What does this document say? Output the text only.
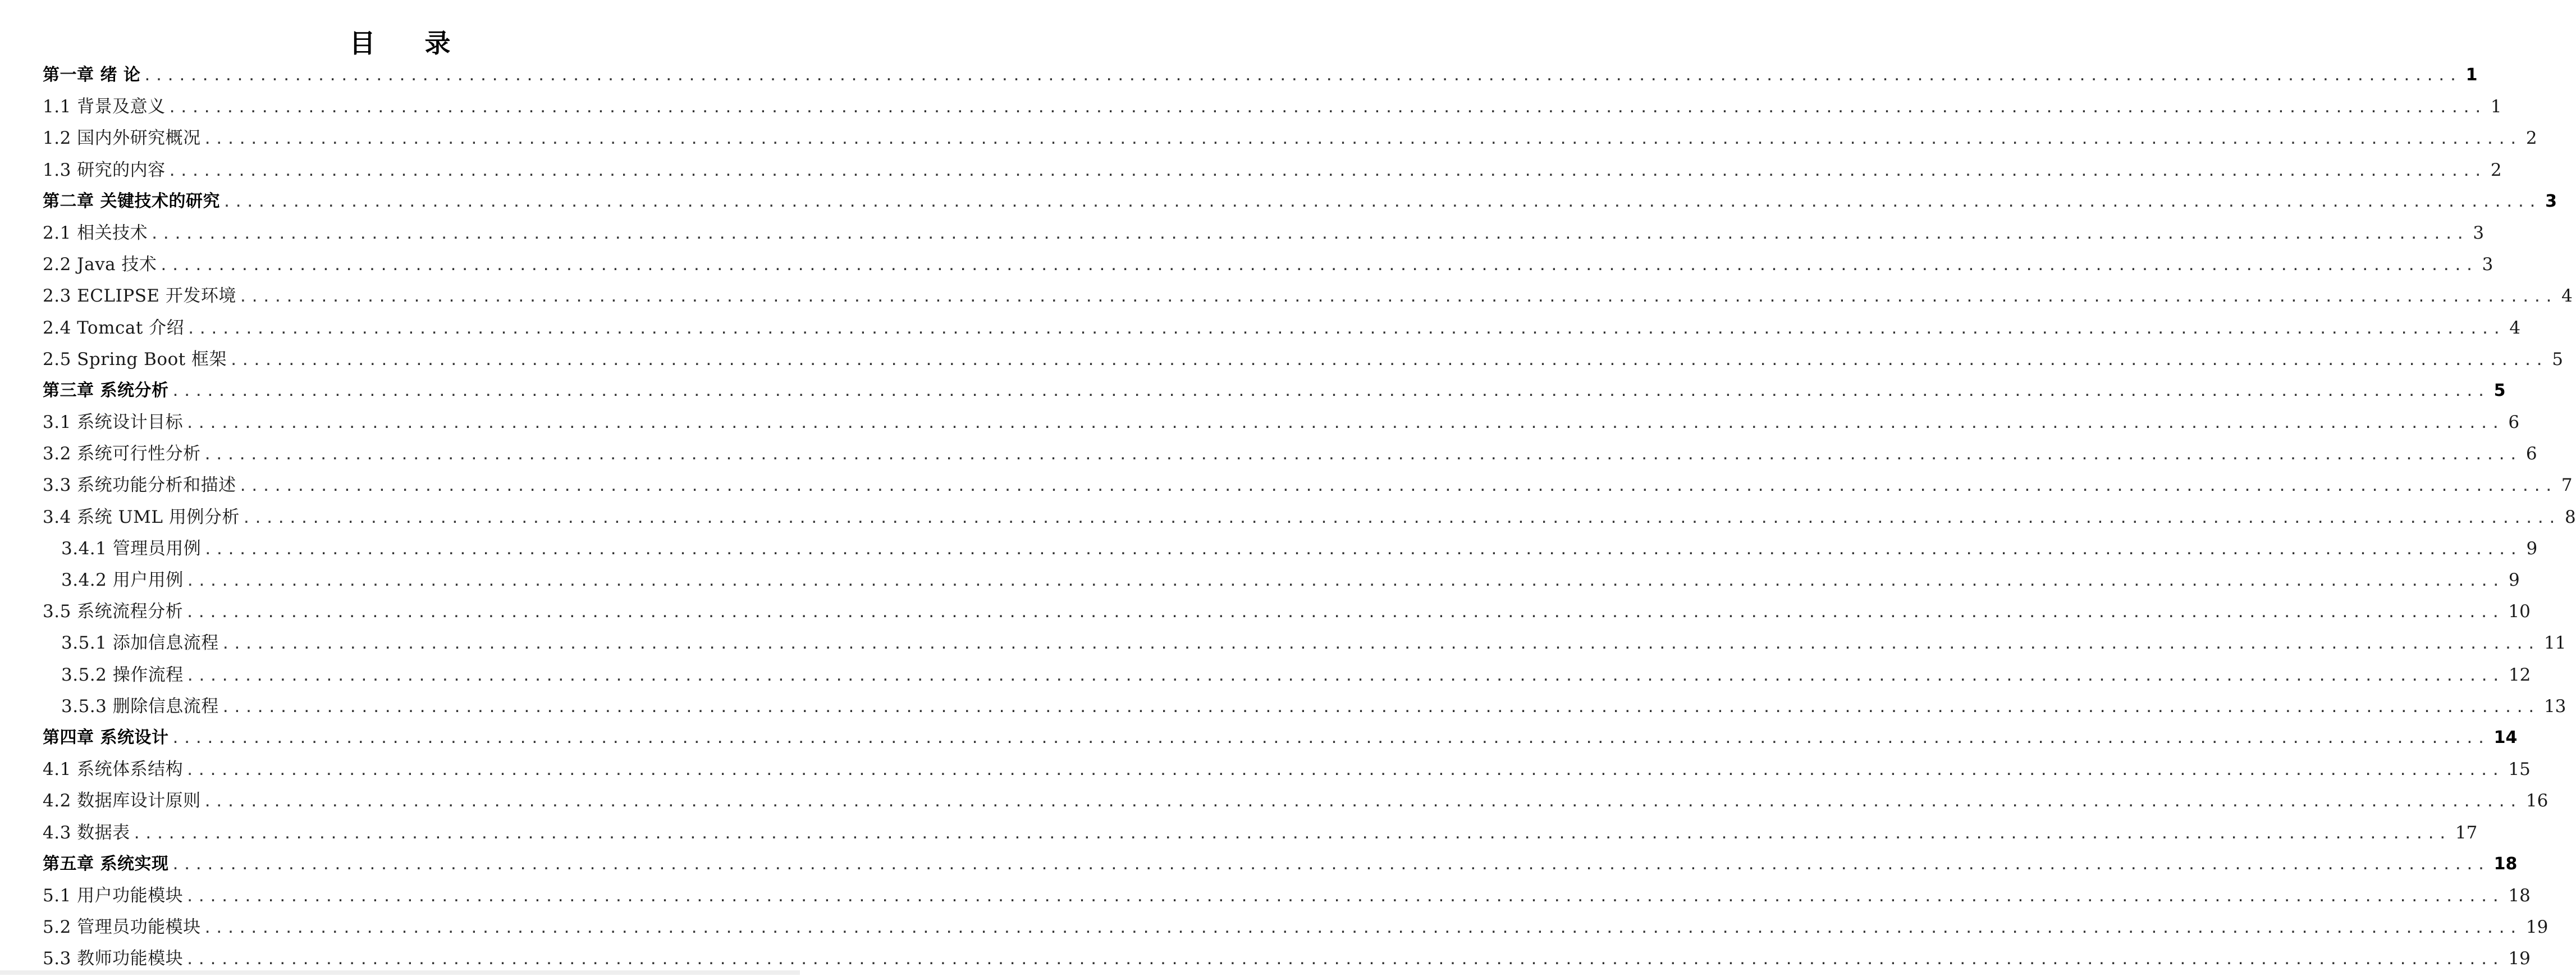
目 录
第一章 绪 论 ........................................................................................................................................................................................................ 1
1.1 背景及意义 ........................................................................................................................................................................................................ 1
1.2 国内外研究概况 ........................................................................................................................................................................................................ 2
1.3 研究的内容 ........................................................................................................................................................................................................ 2
第二章 关键技术的研究 ........................................................................................................................................................................................................ 3
2.1 相关技术 ........................................................................................................................................................................................................ 3
2.2 Java 技术 ........................................................................................................................................................................................................ 3
2.3 ECLIPSE 开发环境 ........................................................................................................................................................................................................ 4
2.4 Tomcat 介绍 ........................................................................................................................................................................................................ 4
2.5 Spring Boot 框架 ........................................................................................................................................................................................................ 5
第三章 系统分析 ........................................................................................................................................................................................................ 5
3.1 系统设计目标 ........................................................................................................................................................................................................ 6
3.2 系统可行性分析 ........................................................................................................................................................................................................ 6
3.3 系统功能分析和描述 ........................................................................................................................................................................................................ 7
3.4 系统 UML 用例分析 ........................................................................................................................................................................................................ 8
3.4.1 管理员用例 ........................................................................................................................................................................................................ 9
3.4.2 用户用例 ........................................................................................................................................................................................................ 9
3.5 系统流程分析 ........................................................................................................................................................................................................ 10
3.5.1 添加信息流程 ........................................................................................................................................................................................................ 11
3.5.2 操作流程 ........................................................................................................................................................................................................ 12
3.5.3 删除信息流程 ........................................................................................................................................................................................................ 13
第四章 系统设计 ........................................................................................................................................................................................................ 14
4.1 系统体系结构 ........................................................................................................................................................................................................ 15
4.2 数据库设计原则 ........................................................................................................................................................................................................ 16
4.3 数据表 ........................................................................................................................................................................................................ 17
第五章 系统实现 ........................................................................................................................................................................................................ 18
5.1 用户功能模块 ........................................................................................................................................................................................................ 18
5.2 管理员功能模块 ........................................................................................................................................................................................................ 19
5.3 教师功能模块 ........................................................................................................................................................................................................ 19
